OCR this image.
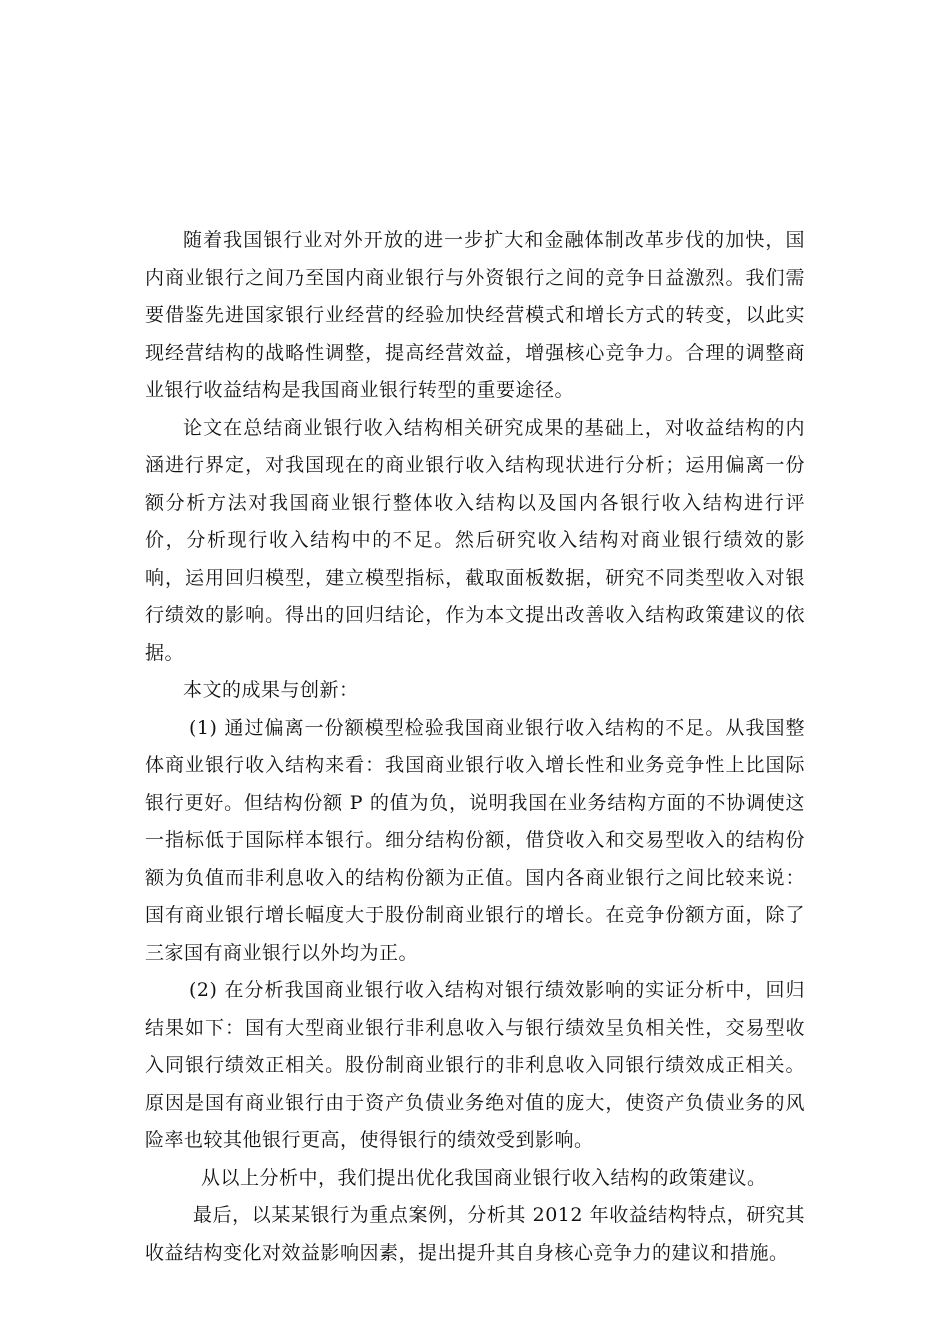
随着我国银行业对外开放的进一步扩大和金融体制改革步伐的加快，国内商业银行之间乃至国内商业银行与外资银行之间的竞争日益激烈。我们需要借鉴先进国家银行业经营的经验加快经营模式和增长方式的转变，以此实现经营结构的战略性调整，提高经营效益，增强核心竞争力。合理的调整商业银行收益结构是我国商业银行转型的重要途径。

论文在总结商业银行收入结构相关研究成果的基础上，对收益结构的内涵进行界定，对我国现在的商业银行收入结构现状进行分析；运用偏离一份额分析方法对我国商业银行整体收入结构以及国内各银行收入结构进行评价，分析现行收入结构中的不足。然后研究收入结构对商业银行绩效的影响，运用回归模型，建立模型指标，截取面板数据，研究不同类型收入对银行绩效的影响。得出的回归结论，作为本文提出改善收入结构政策建议的依据。

本文的成果与创新：

(1) 通过偏离一份额模型检验我国商业银行收入结构的不足。从我国整体商业银行收入结构来看：我国商业银行收入增长性和业务竞争性上比国际银行更好。但结构份额 P 的值为负，说明我国在业务结构方面的不协调使这一指标低于国际样本银行。细分结构份额，借贷收入和交易型收入的结构份额为负值而非利息收入的结构份额为正值。国内各商业银行之间比较来说：国有商业银行增长幅度大于股份制商业银行的增长。在竞争份额方面，除了三家国有商业银行以外均为正。

(2) 在分析我国商业银行收入结构对银行绩效影响的实证分析中，回归结果如下：国有大型商业银行非利息收入与银行绩效呈负相关性，交易型收入同银行绩效正相关。股份制商业银行的非利息收入同银行绩效成正相关。原因是国有商业银行由于资产负债业务绝对值的庞大，使资产负债业务的风险率也较其他银行更高，使得银行的绩效受到影响。

从以上分析中，我们提出优化我国商业银行收入结构的政策建议。

最后，以某某银行为重点案例，分析其 2012 年收益结构特点，研究其收益结构变化对效益影响因素，提出提升其自身核心竞争力的建议和措施。
